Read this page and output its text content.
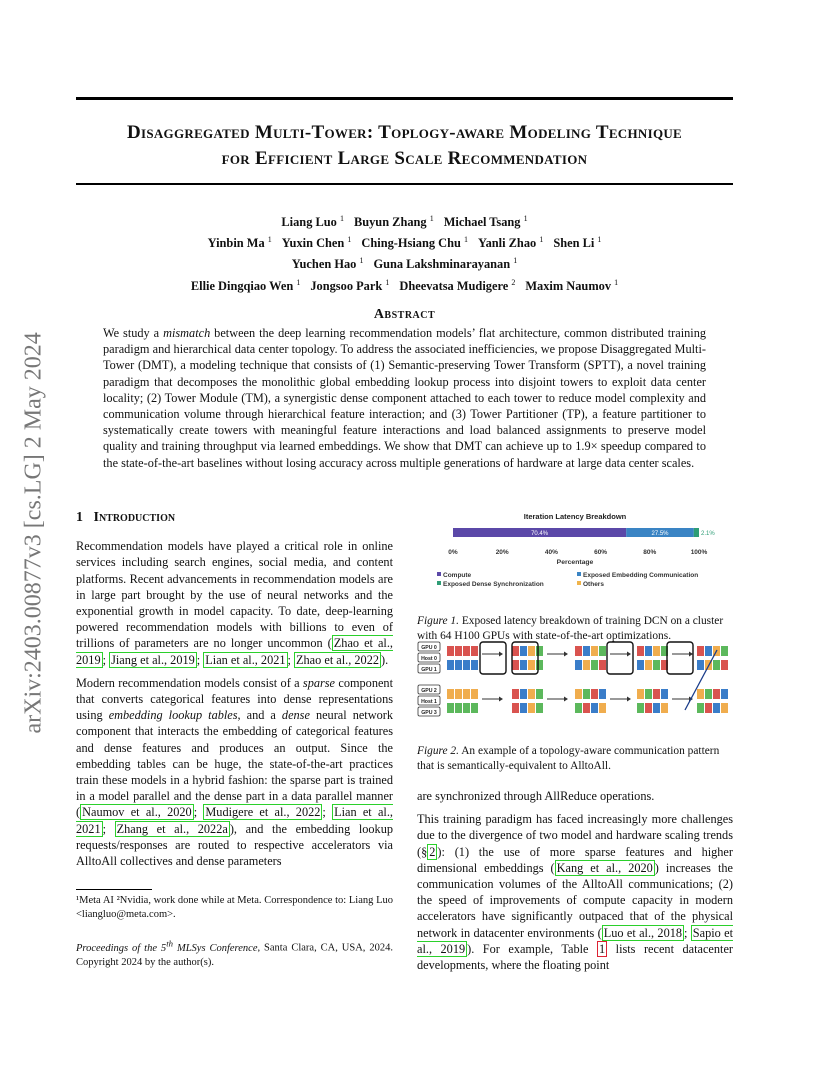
arXiv:2403.00877v3 [cs.LG] 2 May 2024
Disaggregated Multi-Tower: Toplogy-aware Modeling Technique
for Efficient Large Scale Recommendation
Liang Luo $^1$ Buyun Zhang $^1$ Michael Tsang $^1$
Yinbin Ma $^1$ Yuxin Chen $^1$ Ching-Hsiang Chu $^1$ Yanli Zhao $^1$ Shen Li $^1$
Yuchen Hao $^1$ Guna Lakshminarayanan $^1$
Ellie Dingqiao Wen $^1$ Jongsoo Park $^1$ Dheevatsa Mudigere $^2$ Maxim Naumov $^1$
Abstract
We study a mismatch between the deep learning recommendation models’ flat architecture, common distributed training paradigm and hierarchical data center topology. To address the associated inefficiencies, we propose Disaggregated Multi-Tower (DMT), a modeling technique that consists of (1) Semantic-preserving Tower Transform (SPTT), a novel training paradigm that decomposes the monolithic global embedding lookup process into disjoint towers to exploit data center locality; (2) Tower Module (TM), a synergistic dense component attached to each tower to reduce model complexity and communication volume through hierarchical feature interaction; and (3) Tower Partitioner (TP), a feature partitioner to systematically create towers with meaningful feature interactions and load balanced assignments to preserve model quality and training throughput via learned embeddings. We show that DMT can achieve up to 1.9× speedup compared to the state-of-the-art baselines without losing accuracy across multiple generations of hardware at large data center scales.
1 Introduction

Recommendation models have played a critical role in online services including search engines, social media, and content platforms. Recent advancements in recommendation models are in large part brought by the use of neural networks and the exponential growth in model capacity. To date, deep-learning powered recommendation models with billions to even of trillions of parameters are no longer uncommon ( Zhao et al., 2019 ; Jiang et al., 2019 ; Lian et al., 2021 ; Zhao et al., 2022 ).

Modern recommendation models consist of a sparse component that converts categorical features into dense representations using embedding lookup tables, and a dense neural network component that interacts the embedding of categorical features and dense features and produces an output. Since the embedding tables can be huge, the state-of-the-art practices train these models in a hybrid fashion: the sparse part is trained in a model parallel and the dense part in a data parallel manner ( Naumov et al., 2020 ; Mudigere et al., 2022 ; Lian et al., 2021 ; Zhang et al., 2022a ), and the embedding lookup requests/responses are routed to respective accelerators via AlltoAll collectives and dense parameters

¹Meta AI ²Nvidia, work done while at Meta. Correspondence to: Liang Luo <liangluo@meta.com>.
Proceedings of the 5th MLSys Conference, Santa Clara, CA, USA, 2024. Copyright 2024 by the author(s).
Iteration Latency Breakdown
70.4%	27.5%	2.1%
0%	20%	40%	60%	80%	100%
Percentage
Compute	Exposed Embedding Communication
Exposed Dense Synchronization	Others
Figure 1. Exposed latency breakdown of training DCN on a cluster with 64 H100 GPUs with state-of-the-art optimizations.
GPU 0
Host 0
GPU 1
GPU 2
Host 1
GPU 3
Figure 2. An example of a topology-aware communication pattern that is semantically-equivalent to AlltoAll.

are synchronized through AllReduce operations.

This training paradigm has faced increasingly more challenges due to the divergence of two model and hardware scaling trends (§ 2 ): (1) the use of more sparse features and higher dimensional embeddings ( Kang et al., 2020 ) increases the communication volumes of the AlltoAll communications; (2) the speed of improvements of compute capacity in modern accelerators have significantly outpaced that of the physical network in datacenter environments ( Luo et al., 2018 ; Sapio et al., 2019 ). For example, Table 1 lists recent datacenter developments, where the floating point
